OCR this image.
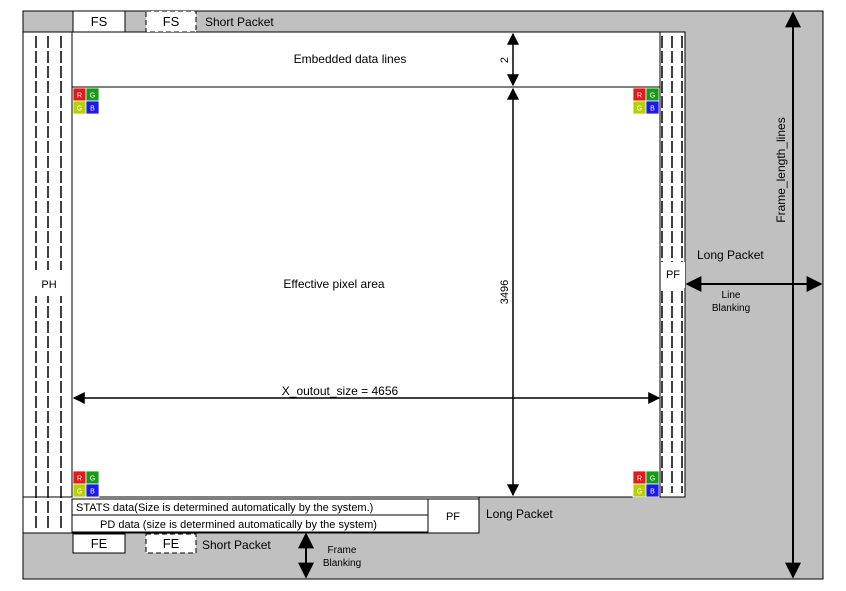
PH
PF
Embedded data lines
Effective pixel area
R G
G B
R G
G B
R G
G B
R G
G B
FS	FS Short Packet
STATS data(Size is determined automatically by the system.)
PD data (size is determined automatically by the system)
PF Long Packet
FE	FE Short Packet
2
3496
X_outout_size = 4656
Frame_length_lines
Long Packet
Line
Blanking
Frame
Blanking
